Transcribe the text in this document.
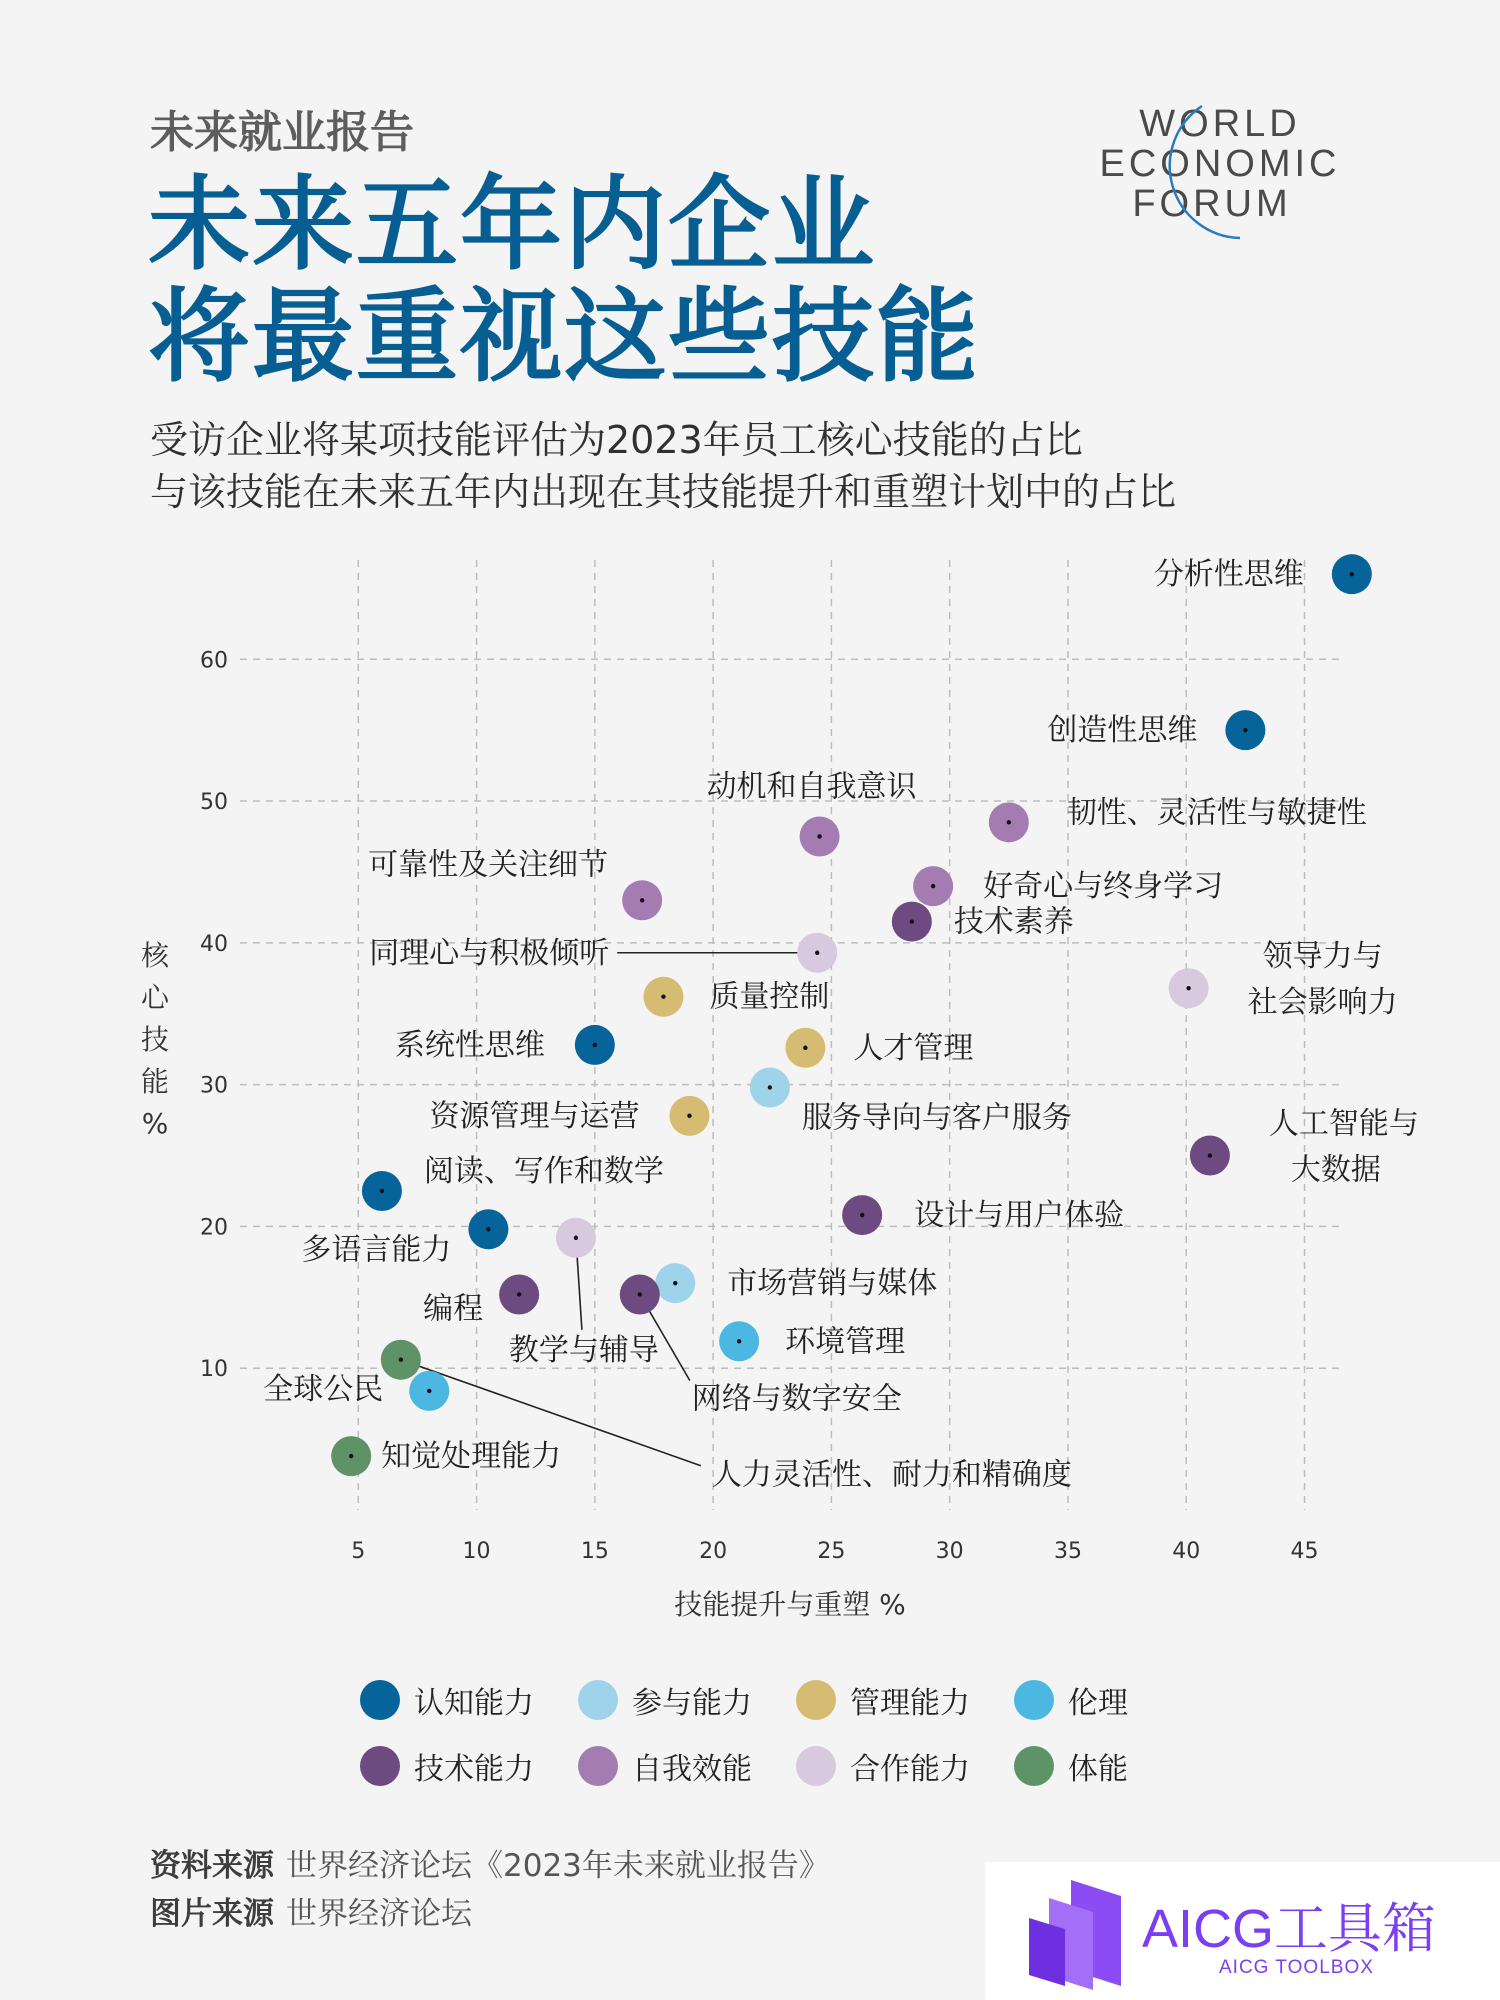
未来就业报告
未来五年内企业
将最重视这些技能
受访企业将某项技能评估为2023年员工核心技能的占比
与该技能在未来五年内出现在其技能提升和重塑计划中的占比
WORLD
ECONOMIC
FORUM
5	10	15	20	25	30	35	40	45
10
20
30
40
50
60
技能提升与重塑 %
核
心
技
能
%
分析性思维
创造性思维
韧性、灵活性与敏捷性
动机和自我意识
好奇心与终身学习
可靠性及关注细节
技术素养
同理心与积极倾听	领导力与
社会影响力
质量控制
系统性思维	人才管理
服务导向与客户服务
资源管理与运营	人工智能与
大数据
阅读、写作和数学
设计与用户体验
多语言能力
教学与辅导
市场营销与媒体
编程
网络与数字安全
环境管理
人力灵活性、耐力和精确度
全球公民
知觉处理能力
认知能力	参与能力	管理能力	伦理
技术能力	自我效能	合作能力	体能
资料来源 世界经济论坛《2023年未来就业报告》
图片来源 世界经济论坛	AICG工具箱
AICG TOOLBOX
